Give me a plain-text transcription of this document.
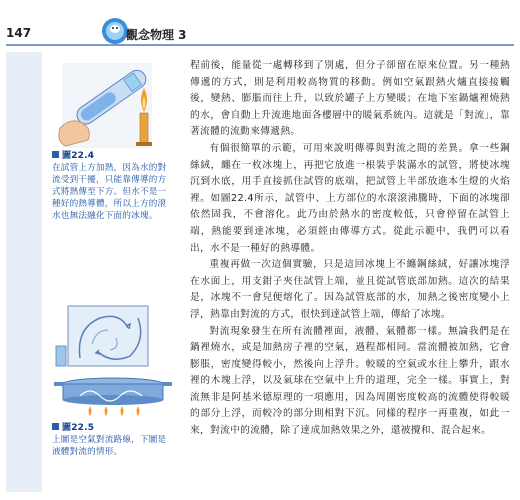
147	觀念物理 3
圖22.4
在試管上方加熱，因為水的對流受到干擾，只能靠傳導的方式將熱傳至下方。但水不是一種好的熱導體，所以上方的滾水也無法融化下面的冰塊。
圖22.5
上圖是空氣對流路線，下圖是液體對流的情形。

程前後，能量從一處轉移到了別處，但分子卻留在原來位置。另一種熱傳遞的方式，則是利用較高物質的移動。例如空氣跟熱火爐直接接觸後，變熱、膨脹而往上升，以致於罐子上方變暖；在地下室鍋爐裡燒熱的水，會自動上升流進地面各樓層中的暖氣系統內。這就是「對流」，靠著流體的流動來傳遞熱。

有個很簡單的示範，可用來說明傳導與對流之間的差異。拿一些鋼絲絨，纏在一枚冰塊上，再把它放進一根裝乎裝滿水的試管，將使冰塊沉到水底，用手直接抓住試管的底端，把試管上半部放進本生燈的火焰裡。如圖22.4所示，試管中、上方部位的水滾滾沸騰時，下面的冰塊卻依然固我，不會溶化。此乃由於熱水的密度較低，只會停留在試管上端，熱能要到達冰塊，必須經由傳導方式。從此示範中，我們可以看出，水不是一種好的熱導體。

重複再做一次這個實驗，只是這回冰塊上不纏鋼絲絨，好讓冰塊浮在水面上，用支鉗子夾住試管上端，並且從試管底部加熱。這次的結果是，冰塊不一會兒便熔化了。因為試管底部的水，加熱之後密度變小上浮，熱靠由對流的方式，很快到達試管上端，傳給了冰塊。

對流現象發生在所有流體裡面，液體、氣體都一樣。無論我們是在鍋裡燒水，或是加熱房子裡的空氣，過程都相同。當流體被加熱，它會膨脹，密度變得較小，然後向上浮升。較暖的空氣或水往上攀升，跟水裡的木塊上浮，以及氣球在空氣中上升的道理，完全一樣。事實上，對流無非是阿基米德原理的一項應用，因為周圍密度較高的流體使得較暖的部分上浮，而較冷的部分則相對下沉。同樣的程序一再重複，如此一來，對流中的流體，除了達成加熱效果之外，還被攪和、混合起來。
